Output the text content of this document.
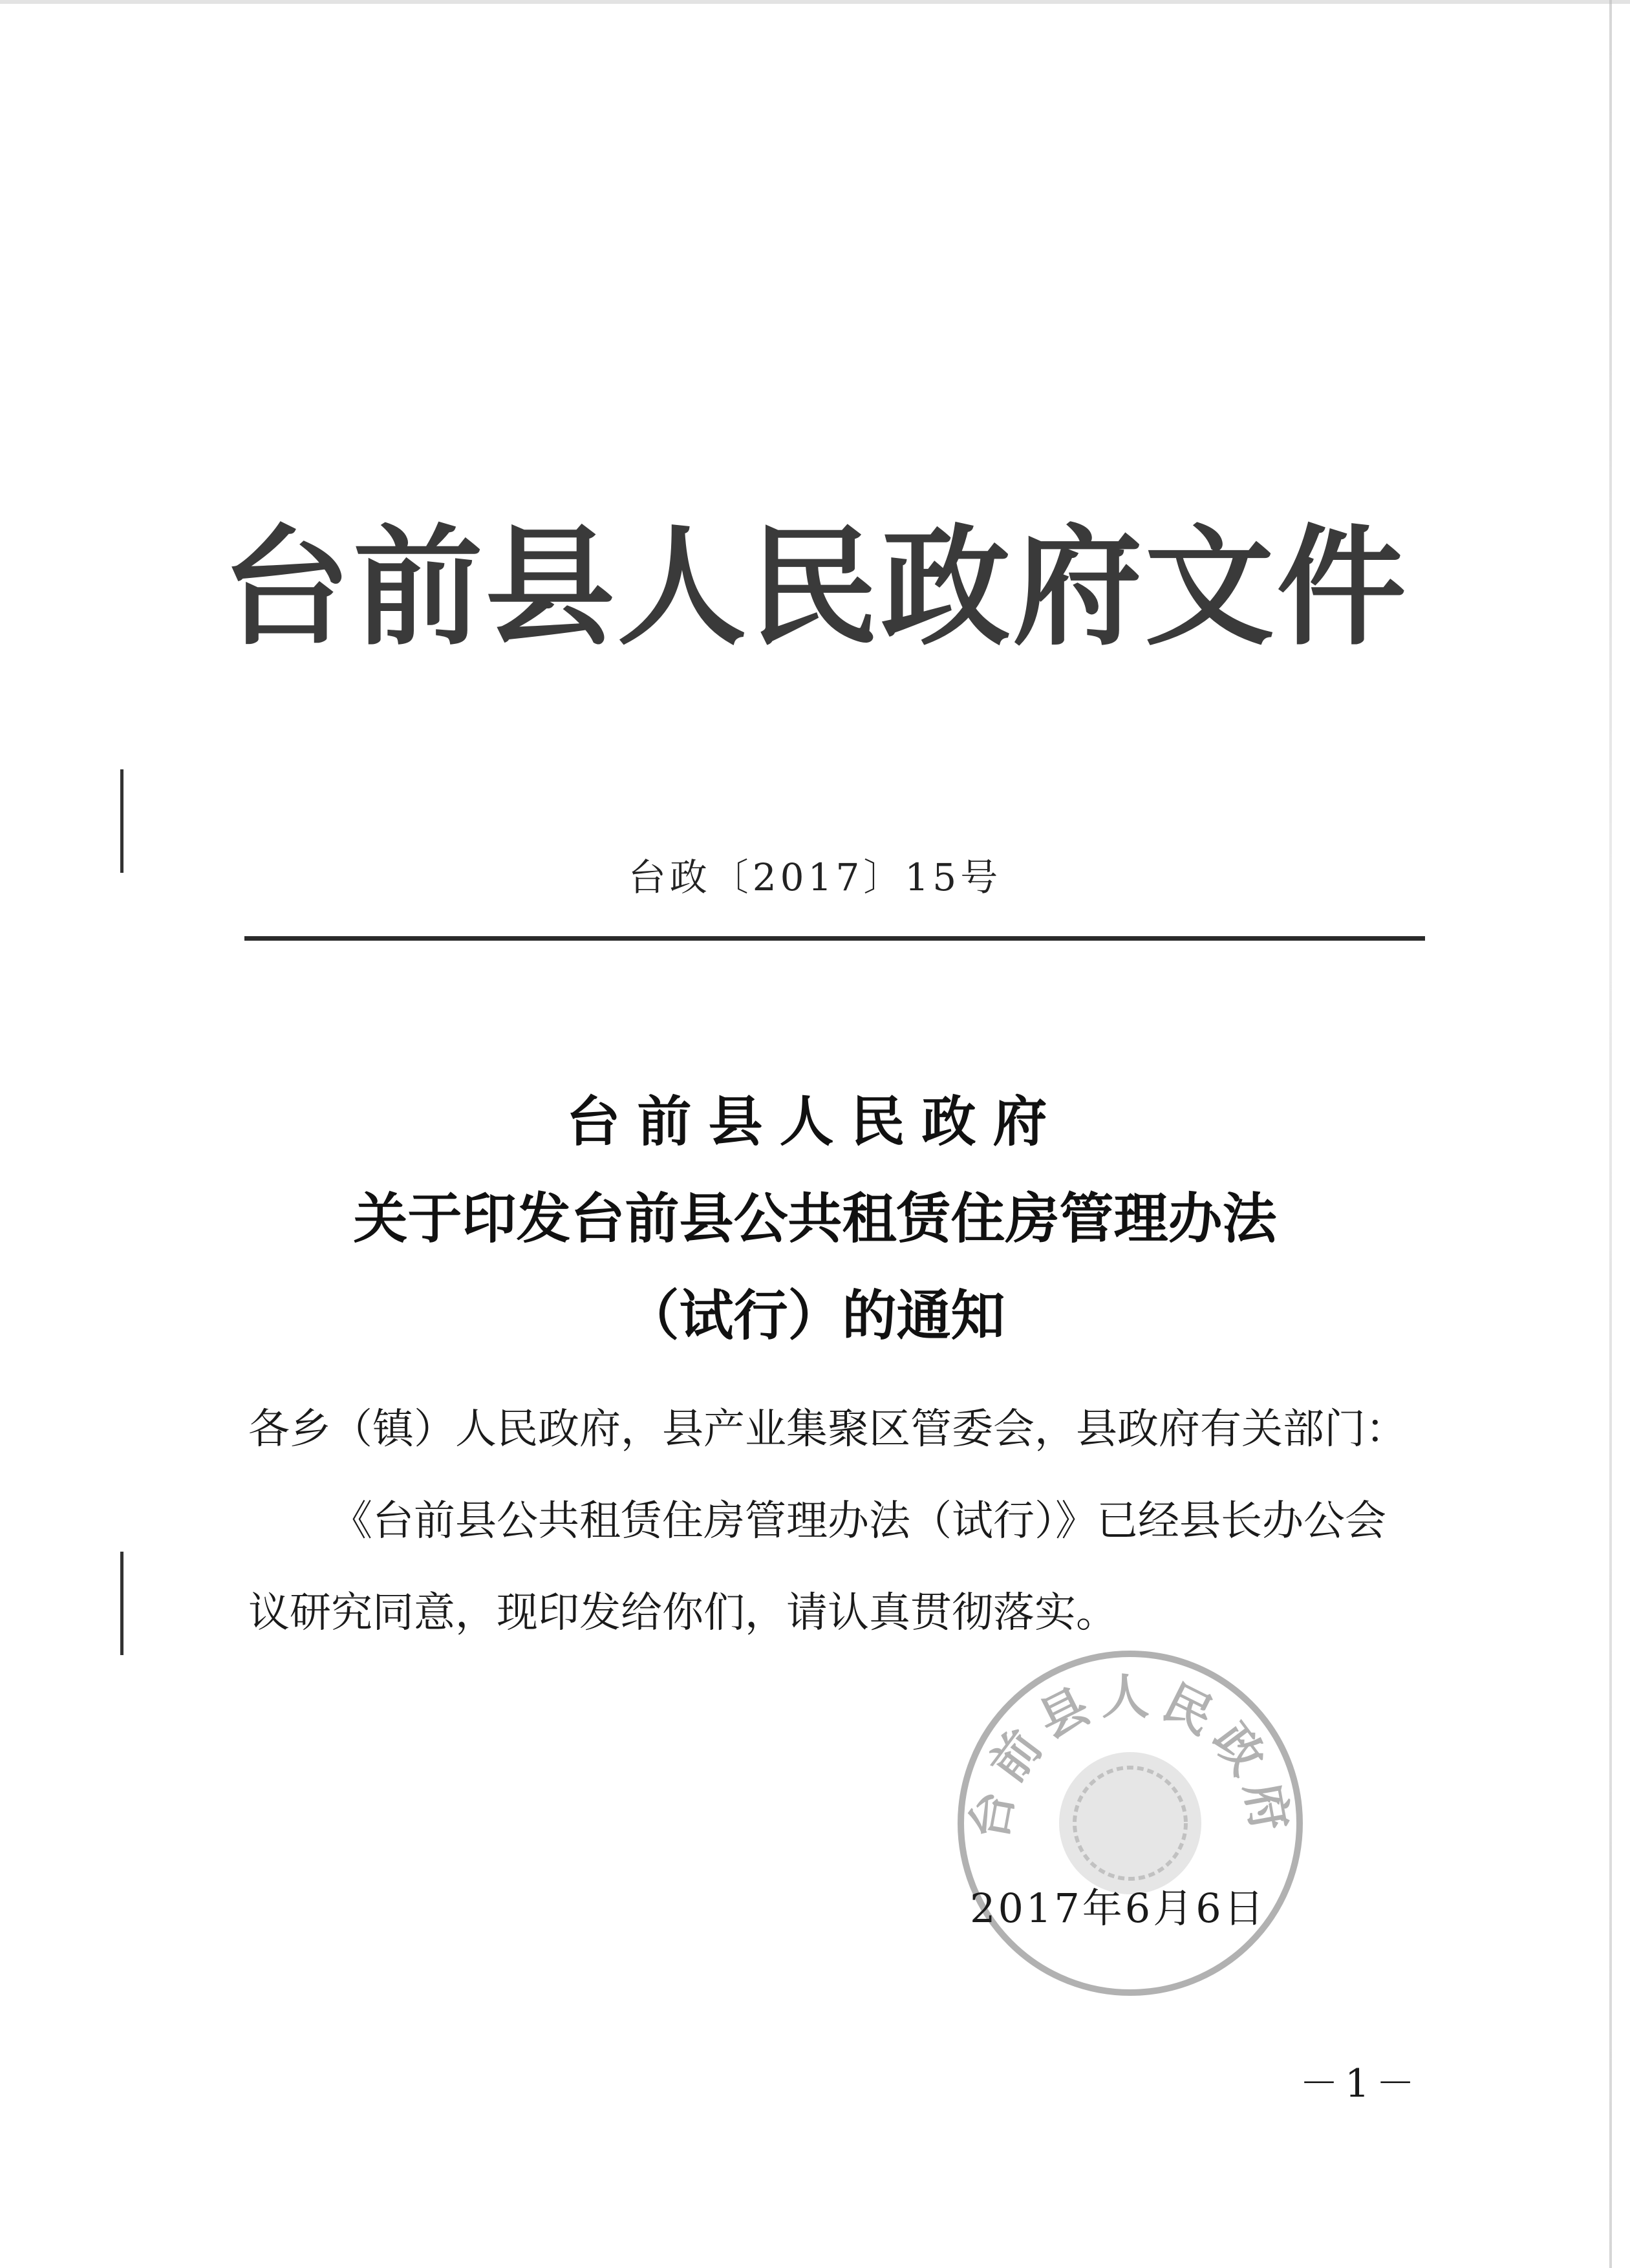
台前县人民政府文件
台政〔2017〕15号
台前县人民政府
关于印发台前县公共租赁住房管理办法
（试行）的通知
各乡（镇）人民政府，县产业集聚区管委会，县政府有关部门：

《台前县公共租赁住房管理办法（试行）》已经县长办公会议研究同意，现印发给你们，请认真贯彻落实。

台前县人民政府
2017年6月6日
－1－
